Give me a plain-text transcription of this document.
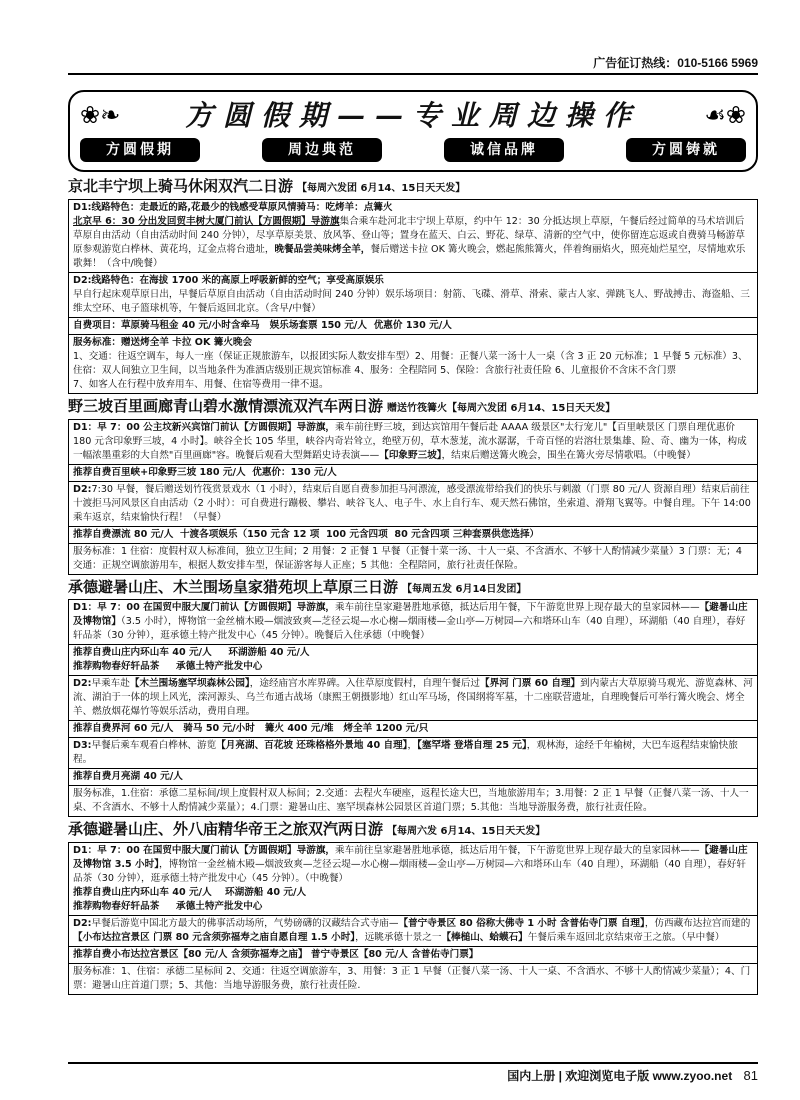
广告征订热线：010-5166 5969
❀❧	☙❀
方圆假期——专业周边操作
方圆假期	周边典范	诚信品牌	方圆铸就
京北丰宁坝上骑马休闲双汽二日游 【每周六发团 6月14、15日天天发】
D1:线路特色：走最近的路,花最少的钱感受草原风情骑马：吃烤羊：点篝火
北京早 6：30 分出发回贸丰树大厦门前认【方圆假期】导游旗集合乘车赴河北丰宁坝上草原，约中午 12：30 分抵达坝上草原，午餐后经过简单的马术培训后草原自由活动（自由活动时间 240 分钟），尽享草原美景、放风筝、登山等；置身在蓝天、白云、野花、绿草、清新的空气中，使你留连忘返或自费骑马畅游草原参观游览白桦林、黄花坞，辽金点将台遗址，晚餐品尝美味烤全羊，餐后赠送卡拉 OK 篝火晚会，燃起熊熊篝火，伴着绚丽焰火，照亮灿烂星空，尽情地欢乐歌舞！（含中/晚餐）
D2:线路特色：在海拔 1700 米的高原上呼吸新鲜的空气；享受高原娱乐
早自行起床观草原日出，早餐后草原自由活动（自由活动时间 240 分钟）娱乐场项目：射箭、飞碟、滑草、滑索、蒙古人家、弹跳飞人、野战搏击、海盗船、三维太空环、电子篮球机等，午餐后返回北京。（含早/中餐）
自费项目：草原骑马租金 40 元/小时含牵马   娱乐场套票 150 元/人  优惠价 130 元/人
服务标准：赠送烤全羊 卡拉 OK 篝火晚会
1、交通：往返空调车，每人一座（保证正规旅游车，以报团实际人数安排车型）2、用餐：正餐八菜一汤十人一桌（含 3 正 20 元标准；1 早餐 5 元标准）3、住宿：双人间独立卫生间，以当地条件为准酒店级别正规宾馆标准 4、服务：全程陪同 5、保险：含旅行社责任险 6、儿童报价不含床不含门票
7、如客人在行程中放弃用车、用餐、住宿等费用一律不退。
野三坡百里画廊青山碧水激情漂流双汽车两日游 赠送竹筏篝火【每周六发团 6月14、15日天天发】
D1：早 7：00 公主坟新兴宾馆门前认【方圆假期】导游旗，乘车前往野三坡，到达宾馆用午餐后赴 AAAA 级景区"太行宠儿"【百里峡景区 门票自理优惠价 180 元含印象野三坡，4 小时】。峡谷全长 105 华里，峡谷内奇岩耸立，绝壁万仞，草木葱茏，流水潺潺，千奇百怪的岩溶壮景集雄、险、奇、幽为一体，构成一幅浓墨重彩的大自然"百里画廊"容。晚餐后观看大型舞蹈史诗表演——【印象野三坡】，结束后赠送篝火晚会，围坐在篝火旁尽情歌唱。（中晚餐）
推荐自费百里峡+印象野三坡 180 元/人  优惠价：130 元/人
D2:7:30 早餐，餐后赠送划竹筏赏景戏水（1 小时），结束后自愿自费参加拒马河漂流，感受漂流带给我们的快乐与刺激（门票 80 元/人 资源自理）结束后前往十渡拒马河风景区自由活动（2 小时）：可自费进行蹦极、攀岩、峡谷飞人、电子牛、水上自行车、观天然石佛馆，坐索道、滑翔飞翼等。中餐自理。下午 14:00 乘车返京，结束愉快行程！（早餐）
推荐自费漂流 80 元/人  十渡各项娱乐（150 元含 12 项  100 元含四项  80 元含四项 三种套票供您选择）
服务标准：1 住宿：度假村双人标准间，独立卫生间；2 用餐：2 正餐 1 早餐（正餐十菜一汤、十人一桌、不含酒水、不够十人酌情减少菜量）3 门票：无；4 交通：正规空调旅游用车，根据人数安排车型，保证游客每人正座；5 其他：全程陪同，旅行社责任保险。
承德避暑山庄、木兰围场皇家猎苑坝上草原三日游 【每周五发 6月14日发团】
D1：早 7：00 在国贸中服大厦门前认【方圆假期】导游旗，乘车前往皇家避暑胜地承德，抵达后用午餐，下午游览世界上现存最大的皇家园林——【避暑山庄及博物馆】（3.5 小时），博物馆一金丝楠木殿—烟波致爽—芝径云堤—水心榭—烟雨楼—金山亭—万树园—六和塔环山车（40 自理），环湖船（40 自理），春好轩品茶（30 分钟），逛承德土特产批发中心（45 分钟）。晚餐后入住承德（中晚餐）
推荐自费山庄内环山车 40 元/人     环湖游船 40 元/人
推荐购物春好轩品茶     承德土特产批发中心
D2:早乘车赴【木兰围场塞罕坝森林公园】，途经庙宫水库界碑。入住草原度假村，自理午餐后过【界河 门票 60 自理】到内蒙古大草原骑马观光、游览森林、河流、湖泊于一体的坝上风光，滦河源头、乌兰布通古战场（康熙王朝摄影地）红山军马场，佟国纲将军墓，十二座联营遗址，自理晚餐后可举行篝火晚会、烤全羊、燃放烟花爆竹等娱乐活动，费用自理。
推荐自费界河 60 元/人   骑马 50 元/小时   篝火 400 元/堆   烤全羊 1200 元/只
D3:早餐后乘车观看白桦林、游览【月亮湖、百花坡 还珠格格外景地 40 自理】，【塞罕塔 登塔自理 25 元】，观林海，途经千年榆树，大巴车返程结束愉快旅程。
推荐自费月亮湖 40 元/人
服务标准，1.住宿：承德二星标间/坝上度假村双人标间；2.交通：去程火车硬座，返程长途大巴，当地旅游用车；3.用餐：2 正 1 早餐（正餐八菜一汤、十人一桌、不含酒水、不够十人酌情减少菜量）；4.门票：避暑山庄、塞罕坝森林公园景区首道门票；5.其他：当地导游服务费，旅行社责任险。
承德避暑山庄、外八庙精华帝王之旅双汽两日游 【每周六发 6月14、15日天天发】
D1：早 7：00 在国贸中服大厦门前认【方圆假期】导游旗，乘车前往皇家避暑胜地承德，抵达后用午餐，下午游览世界上现存最大的皇家园林——【避暑山庄及博物馆 3.5 小时】，博物馆一金丝楠木殿—烟波致爽—芝径云堤—水心榭—烟雨楼—金山亭—万树园—六和塔环山车（40 自理），环湖船（40 自理），春好轩品茶（30 分钟），逛承德土特产批发中心（45 分钟）。（中晚餐）
推荐自费山庄内环山车 40 元/人    环湖游船 40 元/人
推荐购物春好轩品茶     承德土特产批发中心
D2:早餐后游览中国北方最大的佛事活动场所，气势磅礴的汉藏结合式寺庙—【普宁寺景区 80 俗称大佛寺 1 小时 含普佑寺门票 自理】，仿西藏布达拉宫而建的【小布达拉宫景区 门票 80 元含须弥福寿之庙自愿自理 1.5 小时】，远眺承德十景之一【棒槌山、蛤蟆石】午餐后乘车返回北京结束帝王之旅。（早中餐）
推荐自费小布达拉宫景区【80 元/人 含须弥福寿之庙】 普宁寺景区【80 元/人 含普佑寺门票】
服务标准：1、住宿：承德二星标间 2、交通：往返空调旅游车，3、用餐：3 正 1 早餐（正餐八菜一汤、十人一桌、不含酒水、不够十人酌情减少菜量）；4、门票：避暑山庄首道门票；5、其他：当地导游服务费，旅行社责任险.
国内上册 | 欢迎浏览电子版 www.zyoo.net 81
